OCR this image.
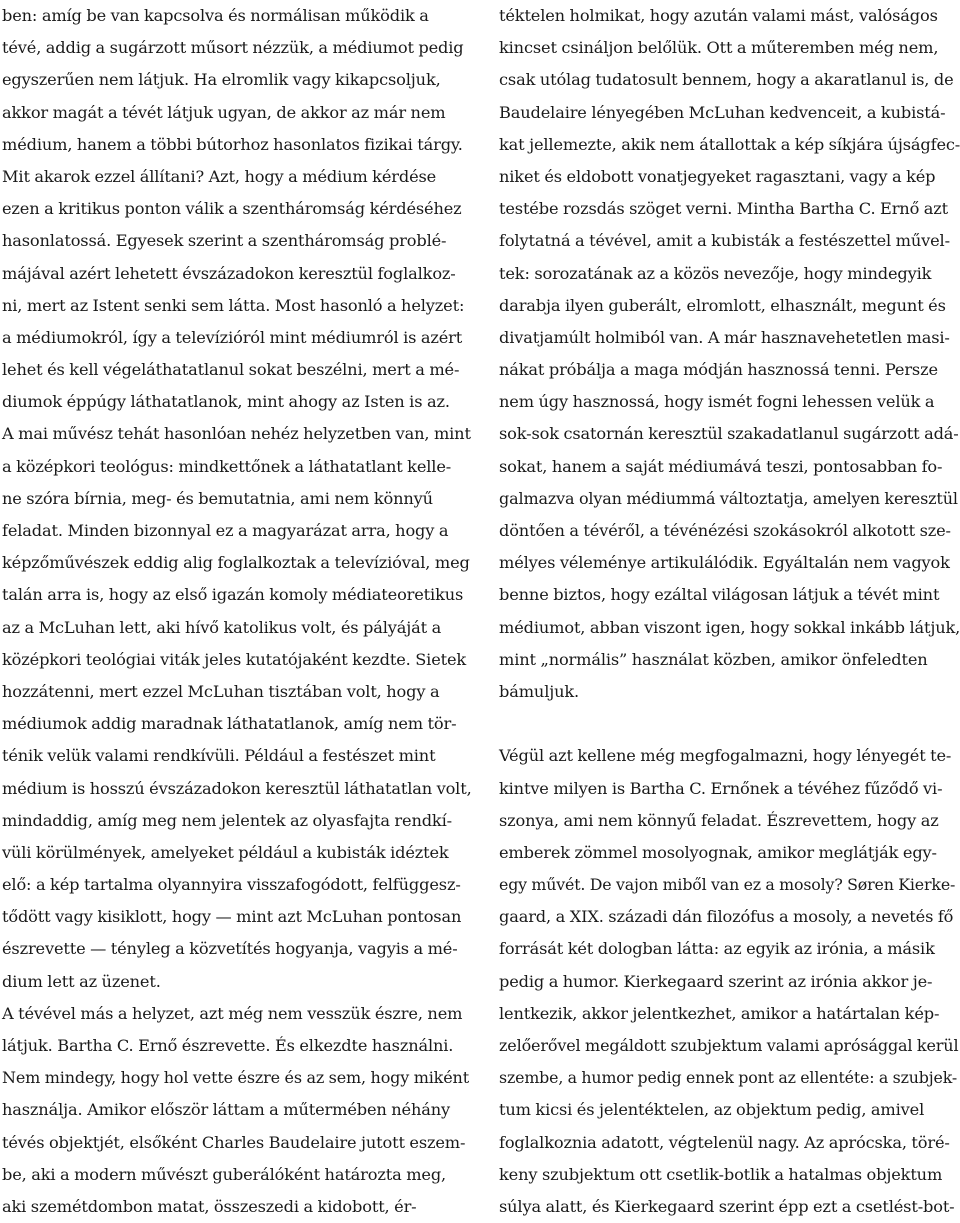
ben: amíg be van kapcsolva és normálisan működik a
tévé, addig a sugárzott műsort nézzük, a médiumot pedig
egyszerűen nem látjuk. Ha elromlik vagy kikapcsoljuk,
akkor magát a tévét látjuk ugyan, de akkor az már nem
médium, hanem a többi bútorhoz hasonlatos fizikai tárgy.
Mit akarok ezzel állítani? Azt, hogy a médium kérdése
ezen a kritikus ponton válik a szentháromság kérdéséhez
hasonlatossá. Egyesek szerint a szentháromság problé-
májával azért lehetett évszázadokon keresztül foglalkoz-
ni, mert az Istent senki sem látta. Most hasonló a helyzet:
a médiumokról, így a televízióról mint médiumról is azért
lehet és kell végeláthatatlanul sokat beszélni, mert a mé-
diumok éppúgy láthatatlanok, mint ahogy az Isten is az.
A mai művész tehát hasonlóan nehéz helyzetben van, mint
a középkori teológus: mindkettőnek a láthatatlant kelle-
ne szóra bírnia, meg- és bemutatnia, ami nem könnyű
feladat. Minden bizonnyal ez a magyarázat arra, hogy a
képzőművészek eddig alig foglalkoztak a televízióval, meg
talán arra is, hogy az első igazán komoly médiateoretikus
az a McLuhan lett, aki hívő katolikus volt, és pályáját a
középkori teológiai viták jeles kutatójaként kezdte. Sietek
hozzátenni, mert ezzel McLuhan tisztában volt, hogy a
médiumok addig maradnak láthatatlanok, amíg nem tör-
ténik velük valami rendkívüli. Például a festészet mint
médium is hosszú évszázadokon keresztül láthatatlan volt,
mindaddig, amíg meg nem jelentek az olyasfajta rendkí-
vüli körülmények, amelyeket például a kubisták idéztek
elő: a kép tartalma olyannyira visszafogódott, felfüggesz-
tődött vagy kisiklott, hogy — mint azt McLuhan pontosan
észrevette — tényleg a közvetítés hogyanja, vagyis a mé-
dium lett az üzenet.
A tévével más a helyzet, azt még nem vesszük észre, nem
látjuk. Bartha C. Ernő észrevette. És elkezdte használni.
Nem mindegy, hogy hol vette észre és az sem, hogy miként
használja. Amikor először láttam a műtermében néhány
tévés objektjét, elsőként Charles Baudelaire jutott eszem-
be, aki a modern művészt guberálóként határozta meg,
aki szemétdombon matat, összeszedi a kidobott, ér-
téktelen holmikat, hogy azután valami mást, valóságos
kincset csináljon belőlük. Ott a műteremben még nem,
csak utólag tudatosult bennem, hogy a akaratlanul is, de
Baudelaire lényegében McLuhan kedvenceit, a kubistá-
kat jellemezte, akik nem átallottak a kép síkjára újságfec-
niket és eldobott vonatjegyeket ragasztani, vagy a kép
testébe rozsdás szöget verni. Mintha Bartha C. Ernő azt
folytatná a tévével, amit a kubisták a festészettel művel-
tek: sorozatának az a közös nevezője, hogy mindegyik
darabja ilyen guberált, elromlott, elhasznált, megunt és
divatjamúlt holmiból van. A már hasznavehetetlen masi-
nákat próbálja a maga módján hasznossá tenni. Persze
nem úgy hasznossá, hogy ismét fogni lehessen velük a
sok-sok csatornán keresztül szakadatlanul sugárzott adá-
sokat, hanem a saját médiumává teszi, pontosabban fo-
galmazva olyan médiummá változtatja, amelyen keresztül
döntően a tévéről, a tévénézési szokásokról alkotott sze-
mélyes véleménye artikulálódik. Egyáltalán nem vagyok
benne biztos, hogy ezáltal világosan látjuk a tévét mint
médiumot, abban viszont igen, hogy sokkal inkább látjuk,
mint „normális” használat közben, amikor önfeledten
bámuljuk.
Végül azt kellene még megfogalmazni, hogy lényegét te-
kintve milyen is Bartha C. Ernőnek a tévéhez fűződő vi-
szonya, ami nem könnyű feladat. Észrevettem, hogy az
emberek zömmel mosolyognak, amikor meglátják egy-
egy művét. De vajon miből van ez a mosoly? Søren Kierke-
gaard, a XIX. századi dán filozófus a mosoly, a nevetés fő
forrását két dologban látta: az egyik az irónia, a másik
pedig a humor. Kierkegaard szerint az irónia akkor je-
lentkezik, akkor jelentkezhet, amikor a határtalan kép-
zelőerővel megáldott szubjektum valami aprósággal kerül
szembe, a humor pedig ennek pont az ellentéte: a szubjek-
tum kicsi és jelentéktelen, az objektum pedig, amivel
foglalkoznia adatott, végtelenül nagy. Az aprócska, töré-
keny szubjektum ott csetlik-botlik a hatalmas objektum
súlya alatt, és Kierkegaard szerint épp ezt a csetlést-bot-
